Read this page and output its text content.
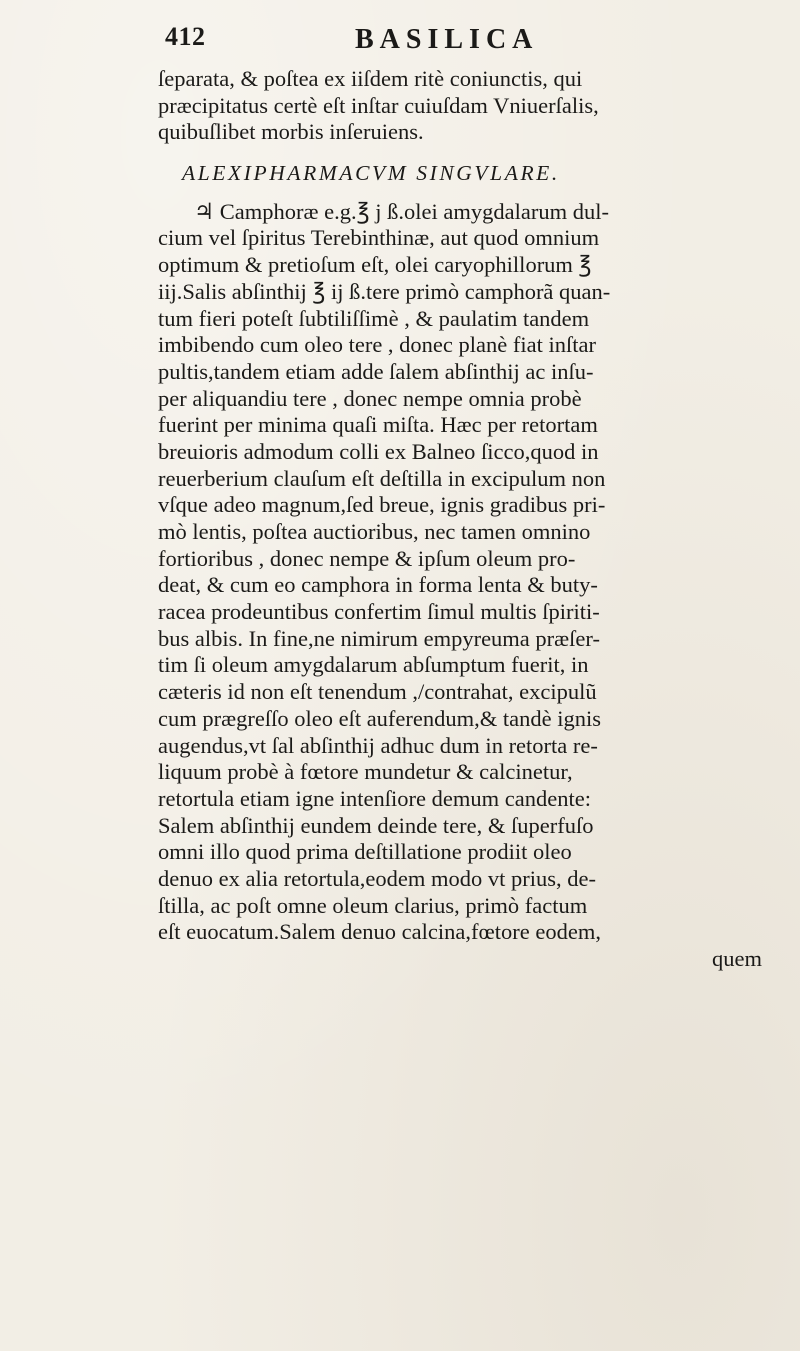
412	BASILICA
ſeparata, & poſtea ex iiſdem ritè coniunctis, qui
præcipitatus certè eſt inſtar cuiuſdam Vniuerſalis,
quibuſlibet morbis inſeruiens.
ALEXIPHARMACVM SINGVLARE.
♃ Camphoræ e.g.℥ j ß.olei amygdalarum dul-
cium vel ſpiritus Terebinthinæ, aut quod omnium
optimum & pretioſum eſt, olei caryophillorum ℥
iij.Salis abſinthij ℥ ij ß.tere primò camphorã quan-
tum fieri poteſt ſubtiliſſimè , & paulatim tandem
imbibendo cum oleo tere , donec planè fiat inſtar
pultis,tandem etiam adde ſalem abſinthij ac inſu-
per aliquandiu tere , donec nempe omnia probè
fuerint per minima quaſi miſta. Hæc per retortam
breuioris admodum colli ex Balneo ſicco,quod in
reuerberium clauſum eſt deſtilla in excipulum non
vſque adeo magnum,ſed breue, ignis gradibus pri-
mò lentis, poſtea auctioribus, nec tamen omnino
fortioribus , donec nempe & ipſum oleum pro-
deat, & cum eo camphora in forma lenta & buty-
racea prodeuntibus confertim ſimul multis ſpiriti-
bus albis. In fine,ne nimirum empyreuma præſer-
tim ſi oleum amygdalarum abſumptum fuerit, in
cæteris id non eſt tenendum ,/contrahat, excipulũ
cum prægreſſo oleo eſt auferendum,& tandè ignis
augendus,vt ſal abſinthij adhuc dum in retorta re-
liquum probè à fœtore mundetur & calcinetur,
retortula etiam igne intenſiore demum candente:
Salem abſinthij eundem deinde tere, & ſuperfuſo
omni illo quod prima deſtillatione prodiit oleo
denuo ex alia retortula,eodem modo vt prius, de-
ſtilla, ac poſt omne oleum clarius, primò factum
eſt euocatum.Salem denuo calcina,fœtore eodem,
quem
